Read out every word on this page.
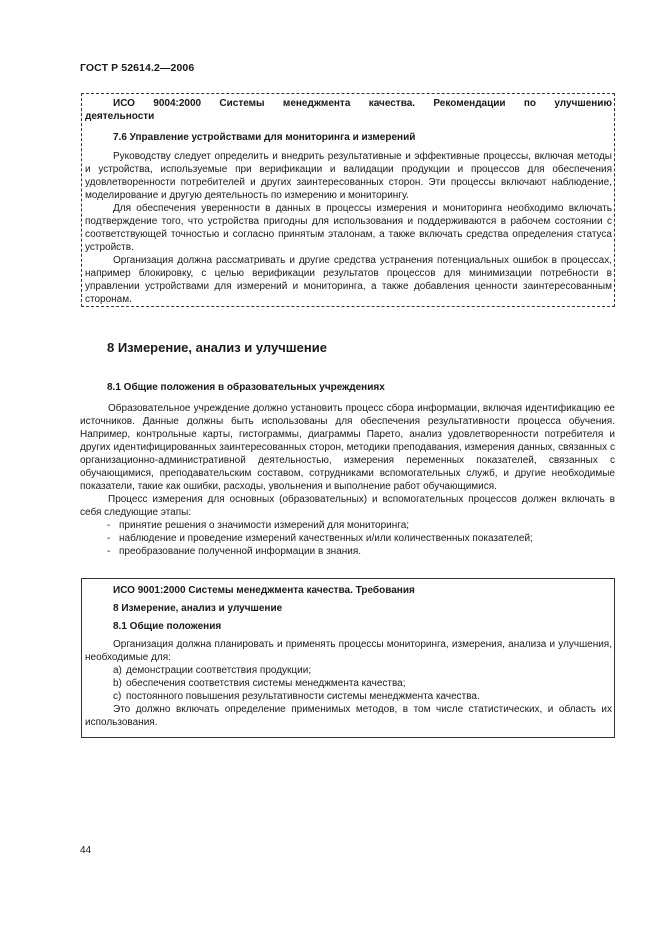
ГОСТ Р 52614.2—2006

ИСО 9004:2000 Системы менеджмента качества. Рекомендации по улучшению

деятельности

7.6 Управление устройствами для мониторинга и измерений

Руководству следует определить и внедрить результативные и эффективные процессы, включая методы и устройства, используемые при верификации и валидации продукции и процессов для обеспечения удовлетворенности потребителей и других заинтересованных сторон. Эти процессы включают наблюдение, моделирование и другую деятельность по измерению и мониторингу.

Для обеспечения уверенности в данных в процессы измерения и мониторинга необходимо включать подтверждение того, что устройства пригодны для использования и поддерживаются в рабочем состоянии с соответствующей точностью и согласно принятым эталонам, а также включать средства определения статуса устройств.

Организация должна рассматривать и другие средства устранения потенциальных ошибок в процессах, например блокировку, с целью верификации результатов процессов для минимизации потребности в управлении устройствами для измерений и мониторинга, а также добавления ценности заинтересованным сторонам.

8 Измерение, анализ и улучшение
8.1 Общие положения в образовательных учреждениях

Образовательное учреждение должно установить процесс сбора информации, включая идентификацию ее источников. Данные должны быть использованы для обеспечения результативности процесса обучения. Например, контрольные карты, гистограммы, диаграммы Парето, анализ удовлетворенности потребителя и других идентифицированных заинтересованных сторон, методики преподавания, измерения данных, связанных с организационно-административной деятельностью, измерения переменных показателей, связанных с обучающимися, преподавательским составом, сотрудниками вспомогательных служб, и другие необходимые показатели, такие как ошибки, расходы, увольнения и выполнение работ обучающимися.

Процесс измерения для основных (образовательных) и вспомогательных процессов должен включать в себя следующие этапы:

- принятие решения о значимости измерений для мониторинга;
- наблюдение и проведение измерений качественных и/или количественных показателей;
- преобразование полученной информации в знания.
ИСО 9001:2000 Системы менеджмента качества. Требования
8 Измерение, анализ и улучшение
8.1 Общие положения

Организация должна планировать и применять процессы мониторинга, измерения, анализа и улучшения, необходимые для:

а) демонстрации соответствия продукции;
b) обеспечения соответствия системы менеджмента качества;
с) постоянного повышения результативности системы менеджмента качества.

Это должно включать определение применимых методов, в том числе статистических, и область их использования.

44
